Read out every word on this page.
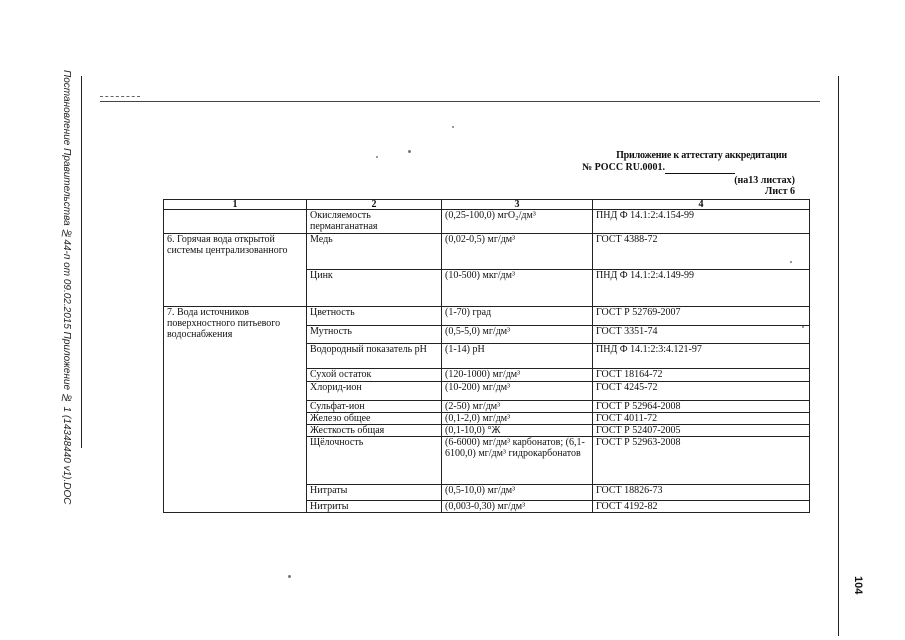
Постановление Правительства №44-п от 09.02.2015 Приложение № 1 (14348440 v1).DOC
104
Приложение к аттестату аккредитации
№ РОСС RU.0001.
(на13 листах)
Лист 6
1	2	3	4
	Окисляемость перманганатная	(0,25-100,0) мгО₂/дм³	ПНД Ф 14.1:2:4.154-99
6. Горячая вода открытой системы централизованного	Медь	(0,02-0,5) мг/дм³	ГОСТ 4388-72
	Цинк	(10-500) мкг/дм³	ПНД Ф 14.1:2:4.149-99
7. Вода источников поверхностного питьевого водоснабжения	Цветность	(1-70) град	ГОСТ Р 52769-2007
	Мутность	(0,5-5,0) мг/дм³	ГОСТ 3351-74
	Водородный показатель pH	(1-14) pH	ПНД Ф 14.1:2:3:4.121-97
	Сухой остаток	(120-1000) мг/дм³	ГОСТ 18164-72
	Хлорид-ион	(10-200) мг/дм³	ГОСТ 4245-72
	Сульфат-ион	(2-50) мг/дм³	ГОСТ Р 52964-2008
	Железо общее	(0,1-2,0) мг/дм³	ГОСТ 4011-72
	Жесткость общая	(0,1-10,0) °Ж	ГОСТ Р 52407-2005
	Щёлочность	(6-6000) мг/дм³ карбонатов; (6,1-6100,0) мг/дм³ гидрокарбонатов	ГОСТ Р 52963-2008
	Нитраты	(0,5-10,0) мг/дм³	ГОСТ 18826-73
	Нитриты	(0,003-0,30) мг/дм³	ГОСТ 4192-82
